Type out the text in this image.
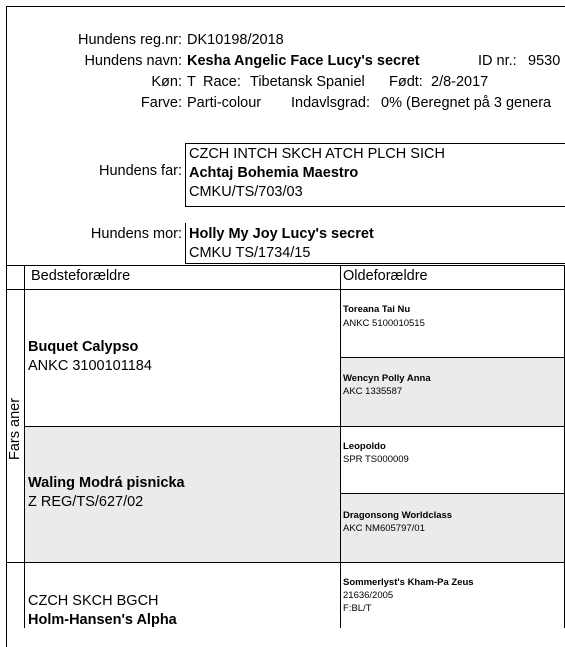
Hundens reg.nr: DK10198/2018
Hundens navn: Kesha Angelic Face Lucy's secret	ID nr.: 9530
Køn: T Race: Tibetansk Spaniel Født: 2/8-2017
Farve: Parti-colour Indavlsgrad: 0% (Beregnet på 3 genera
CZCH INTCH SKCH ATCH PLCH SICH
Achtaj Bohemia Maestro
CMKU/TS/703/03
Hundens far:
Holly My Joy Lucy's secret
CMKU TS/1734/15
Hundens mor:
Bedsteforældre	Oldeforældre
Fars aner
Buquet Calypso
ANKC 3100101184
Waling Modrá pisnicka
Z REG/TS/627/02
CZCH SKCH BGCH
Holm-Hansen's Alpha
Toreana Tai Nu
ANKC 5100010515
Wencyn Polly Anna
AKC 1335587
Leopoldo
SPR TS000009
Dragonsong Worldclass
AKC NM605797/01
Sommerlyst's Kham-Pa Zeus
21636/2005
F:BL/T
